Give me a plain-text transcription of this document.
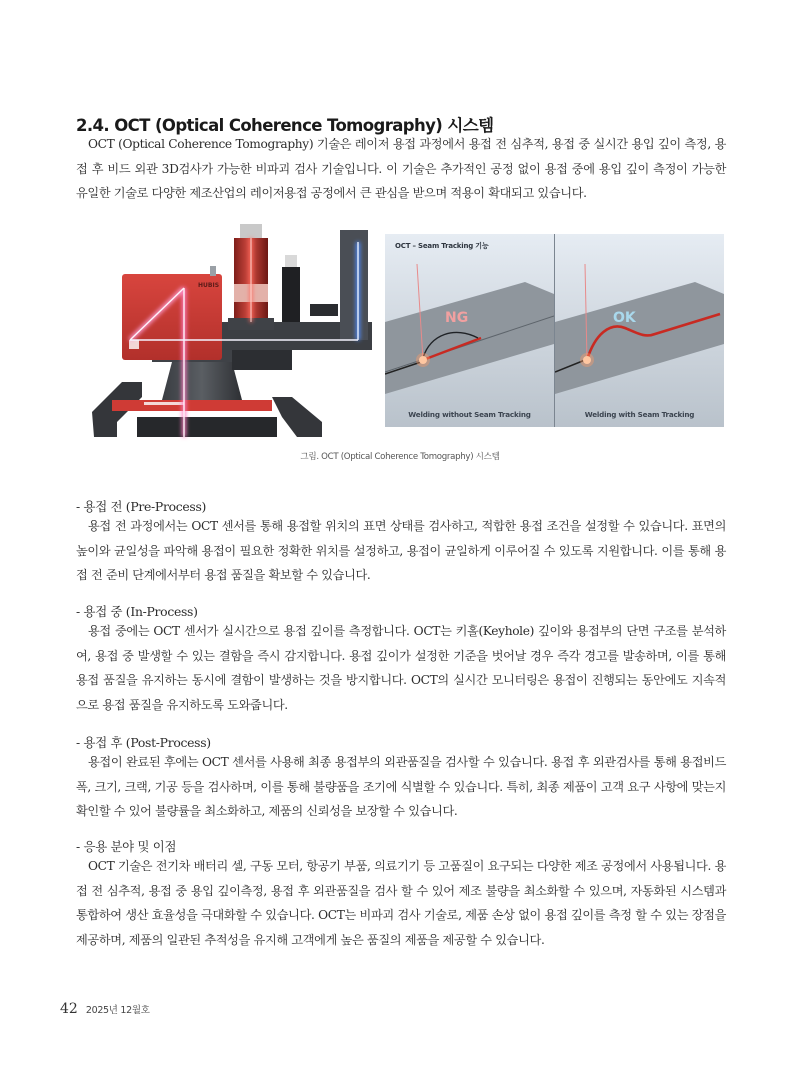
2.4. OCT (Optical Coherence Tomography) 시스템

OCT (Optical Coherence Tomography) 기술은 레이저 용접 과정에서 용접 전 심추적, 용접 중 실시간 용입 깊이 측정, 용접 후 비드 외관 3D검사가 가능한 비파괴 검사 기술입니다. 이 기술은 추가적인 공정 없이 용접 중에 용입 깊이 측정이 가능한 유일한 기술로 다양한 제조산업의 레이저용접 공정에서 큰 관심을 받으며 적용이 확대되고 있습니다.

HUBIS
OCT – Seam Tracking 기능
NG
Welding without Seam Tracking
OK
Welding with Seam Tracking
그림. OCT (Optical Coherence Tomography) 시스템
- 용접 전 (Pre-Process)

용접 전 과정에서는 OCT 센서를 통해 용접할 위치의 표면 상태를 검사하고, 적합한 용접 조건을 설정할 수 있습니다. 표면의 높이와 균일성을 파악해 용접이 필요한 정확한 위치를 설정하고, 용접이 균일하게 이루어질 수 있도록 지원합니다. 이를 통해 용접 전 준비 단계에서부터 용접 품질을 확보할 수 있습니다.

- 용접 중 (In-Process)

용접 중에는 OCT 센서가 실시간으로 용접 깊이를 측정합니다. OCT는 키홀(Keyhole) 깊이와 용접부의 단면 구조를 분석하여, 용접 중 발생할 수 있는 결함을 즉시 감지합니다. 용접 깊이가 설정한 기준을 벗어날 경우 즉각 경고를 발송하며, 이를 통해 용접 품질을 유지하는 동시에 결함이 발생하는 것을 방지합니다. OCT의 실시간 모니터링은 용접이 진행되는 동안에도 지속적으로 용접 품질을 유지하도록 도와줍니다.

- 용접 후 (Post-Process)

용접이 완료된 후에는 OCT 센서를 사용해 최종 용접부의 외관품질을 검사할 수 있습니다. 용접 후 외관검사를 통해 용접비드 폭, 크기, 크랙, 기공 등을 검사하며, 이를 통해 불량품을 조기에 식별할 수 있습니다. 특히, 최종 제품이 고객 요구 사항에 맞는지 확인할 수 있어 불량률을 최소화하고, 제품의 신뢰성을 보장할 수 있습니다.

- 응용 분야 및 이점

OCT 기술은 전기차 배터리 셀, 구동 모터, 항공기 부품, 의료기기 등 고품질이 요구되는 다양한 제조 공정에서 사용됩니다. 용접 전 심추적, 용접 중 용입 깊이측정, 용접 후 외관품질을 검사 할 수 있어 제조 불량을 최소화할 수 있으며, 자동화된 시스템과 통합하여 생산 효율성을 극대화할 수 있습니다. OCT는 비파괴 검사 기술로, 제품 손상 없이 용접 깊이를 측정 할 수 있는 장점을 제공하며, 제품의 일관된 추적성을 유지해 고객에게 높은 품질의 제품을 제공할 수 있습니다.

42 2025년 12월호
